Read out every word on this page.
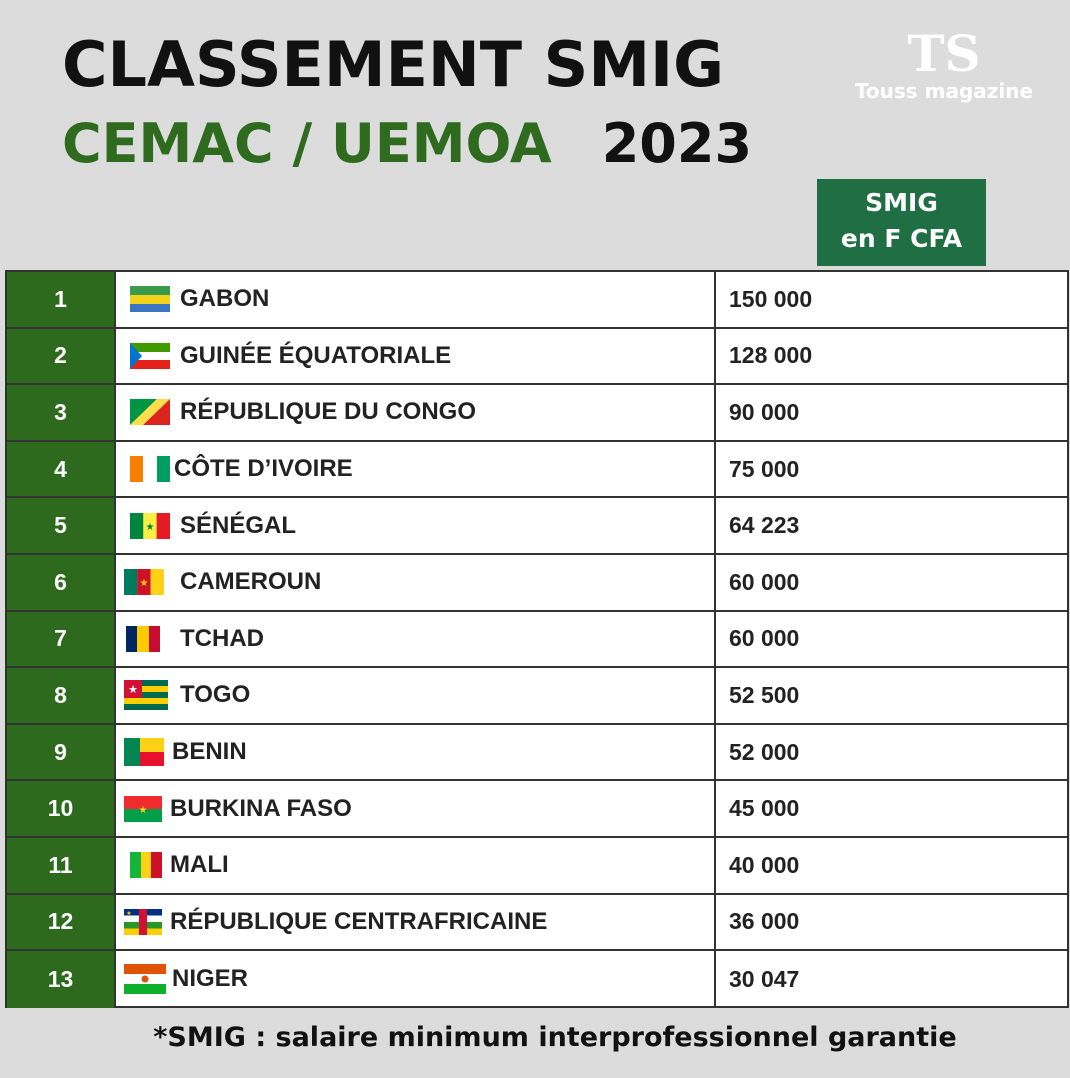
CLASSEMENT SMIG
CEMAC / UEMOA 2023
TS
Touss magazine
SMIG
en F CFA
1	GABON	150 000
2	GUINÉE ÉQUATORIALE	128 000
3	RÉPUBLIQUE DU CONGO	90 000
4	CÔTE D’IVOIRE	75 000
5	★ SÉNÉGAL	64 223
6	★ CAMEROUN	60 000
7	TCHAD	60 000
8	★ TOGO	52 500
9	BENIN	52 000
10	★ BURKINA FASO	45 000
11	MALI	40 000
12	★ RÉPUBLIQUE CENTRAFRICAINE	36 000
13	NIGER	30 047
*SMIG : salaire minimum interprofessionnel garantie
